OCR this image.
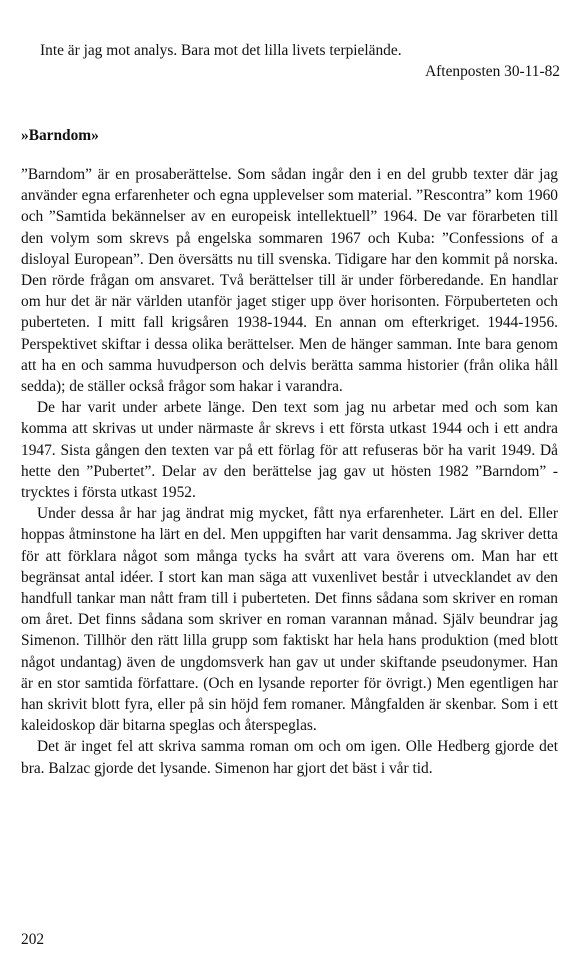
Inte är jag mot analys. Bara mot det lilla livets terpielände.

Aftenposten 30-11-82

»Barndom»

”Barndom” är en prosaberättelse. Som sådan ingår den i en del grubb texter där jag använder egna erfarenheter och egna upplevelser som material. ”Rescontra” kom 1960 och ”Samtida bekännelser av en europeisk intellektuell” 1964. De var förarbeten till den volym som skrevs på engelska sommaren 1967 och Kuba: ”Confessions of a disloyal European”. Den översätts nu till svenska. Tidigare har den kommit på norska. Den rörde frågan om ansvaret. Två berättelser till är under förberedande. En handlar om hur det är när världen utanför jaget stiger upp över horisonten. Förpuberteten och puberteten. I mitt fall krigsåren 1938-1944. En annan om efterkriget. 1944-1956. Perspektivet skiftar i dessa olika berättelser. Men de hänger samman. Inte bara genom att ha en och samma huvudperson och delvis berätta samma historier (från olika håll sedda); de ställer också frågor som hakar i varandra.

De har varit under arbete länge. Den text som jag nu arbetar med och som kan komma att skrivas ut under närmaste år skrevs i ett första utkast 1944 och i ett andra 1947. Sista gången den texten var på ett förlag för att refuseras bör ha varit 1949. Då hette den ”Pubertet”. Delar av den berättelse jag gav ut hösten 1982 ”Barndom” - trycktes i första utkast 1952.

Under dessa år har jag ändrat mig mycket, fått nya erfarenheter. Lärt en del. Eller hoppas åtminstone ha lärt en del. Men uppgiften har varit densamma. Jag skriver detta för att förklara något som många tycks ha svårt att vara överens om. Man har ett begränsat antal idéer. I stort kan man säga att vuxenlivet består i utvecklandet av den handfull tankar man nått fram till i puberteten. Det finns sådana som skriver en roman om året. Det finns sådana som skriver en roman varannan månad. Själv beundrar jag Simenon. Tillhör den rätt lilla grupp som faktiskt har hela hans produktion (med blott något undantag) även de ungdomsverk han gav ut under skiftande pseudonymer. Han är en stor samtida författare. (Och en lysande reporter för övrigt.) Men egentligen har han skrivit blott fyra, eller på sin höjd fem romaner. Mångfalden är skenbar. Som i ett kaleidoskop där bitarna speglas och återspeglas.

Det är inget fel att skriva samma roman om och om igen. Olle Hedberg gjorde det bra. Balzac gjorde det lysande. Simenon har gjort det bäst i vår tid.

202
